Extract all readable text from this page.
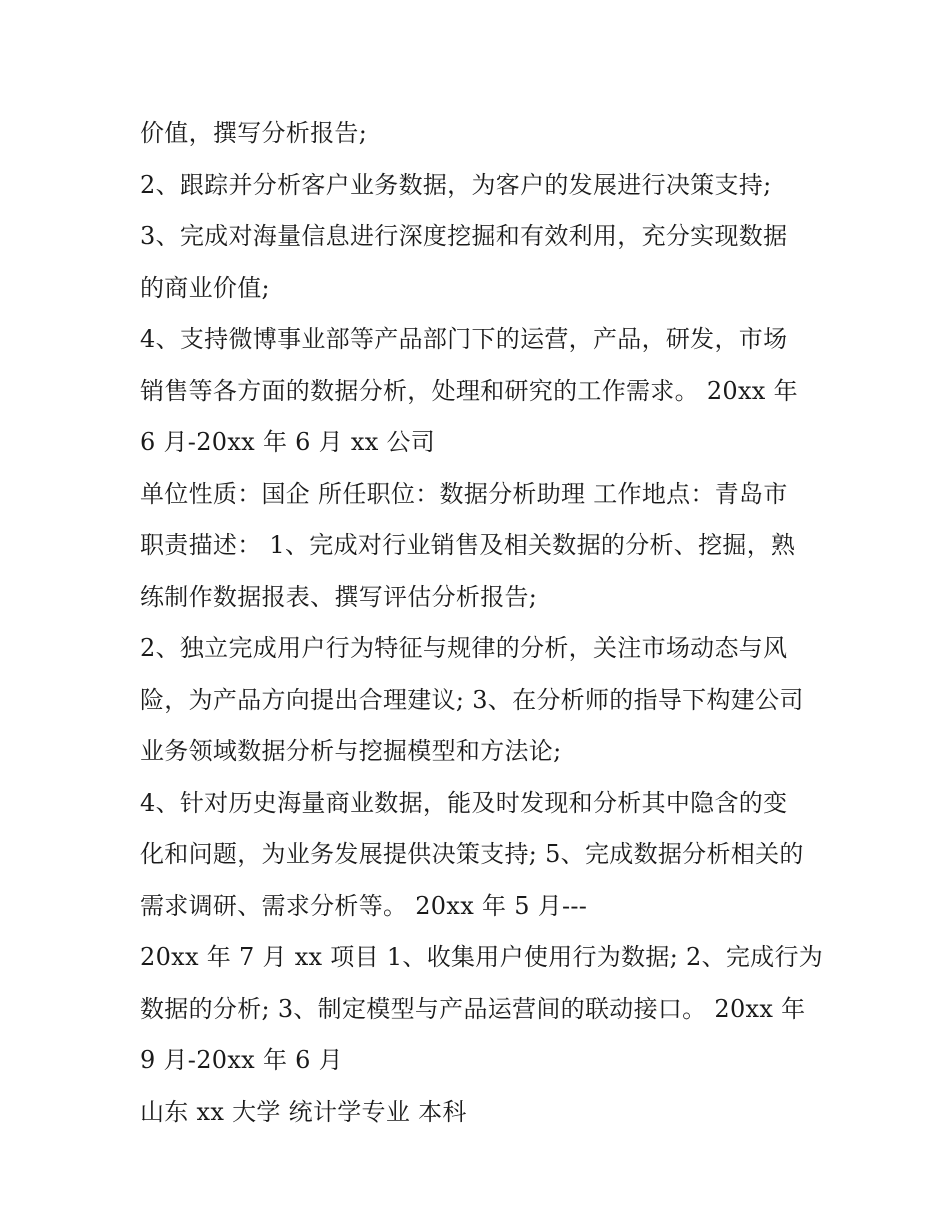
价值，撰写分析报告;
2、跟踪并分析客户业务数据，为客户的发展进行决策支持;
3、完成对海量信息进行深度挖掘和有效利用，充分实现数据
的商业价值;
4、支持微博事业部等产品部门下的运营，产品，研发，市场
销售等各方面的数据分析，处理和研究的工作需求。 20xx 年
6 月-20xx 年 6 月 xx 公司
单位性质：国企 所任职位：数据分析助理 工作地点：青岛市
职责描述： 1、完成对行业销售及相关数据的分析、挖掘，熟
练制作数据报表、撰写评估分析报告;
2、独立完成用户行为特征与规律的分析，关注市场动态与风
险，为产品方向提出合理建议; 3、在分析师的指导下构建公司
业务领域数据分析与挖掘模型和方法论;
4、针对历史海量商业数据，能及时发现和分析其中隐含的变
化和问题，为业务发展提供决策支持; 5、完成数据分析相关的
需求调研、需求分析等。 20xx 年 5 月---
20xx 年 7 月 xx 项目 1、收集用户使用行为数据; 2、完成行为
数据的分析; 3、制定模型与产品运营间的联动接口。 20xx 年
9 月-20xx 年 6 月
山东 xx 大学 统计学专业 本科
